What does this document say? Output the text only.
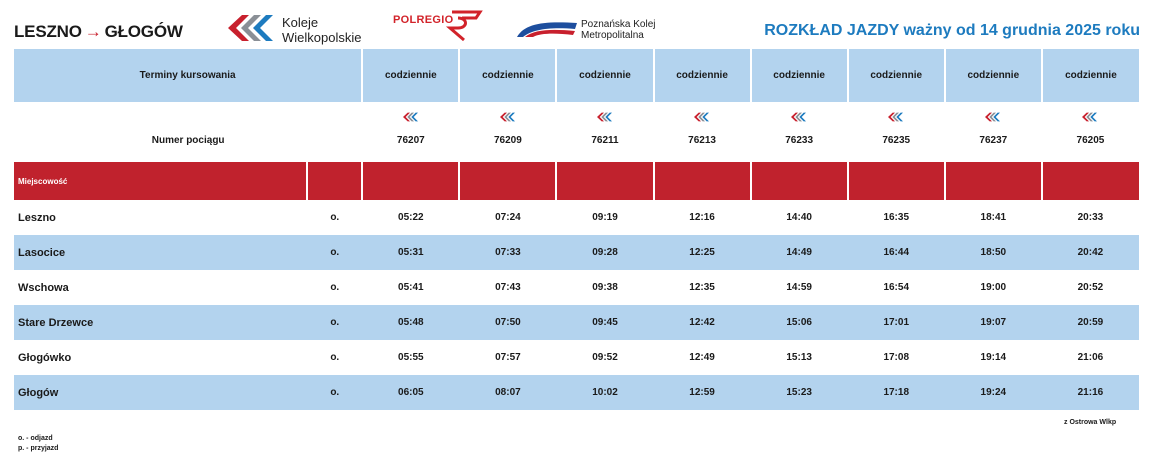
LESZNO → GŁOGÓW	Koleje
Wielkopolskie
POLREGIO	Poznańska Kolej
Metropolitalna	ROZKŁAD JAZDY ważny od 14 grudnia 2025 roku
Terminy kursowania		codziennie	codziennie	codziennie	codziennie	codziennie	codziennie	codziennie	codziennie

Numer pociągu		76207	76209	76211	76213	76233	76235	76237	76205
Miejscowość									
Leszno	o.	05:22	07:24	09:19	12:16	14:40	16:35	18:41	20:33
Lasocice	o.	05:31	07:33	09:28	12:25	14:49	16:44	18:50	20:42
Wschowa	o.	05:41	07:43	09:38	12:35	14:59	16:54	19:00	20:52
Stare Drzewce	o.	05:48	07:50	09:45	12:42	15:06	17:01	19:07	20:59
Głogówko	o.	05:55	07:57	09:52	12:49	15:13	17:08	19:14	21:06
Głogów	o.	06:05	08:07	10:02	12:59	15:23	17:18	19:24	21:16
z Ostrowa Wlkp
o. - odjazd
p. - przyjazd
